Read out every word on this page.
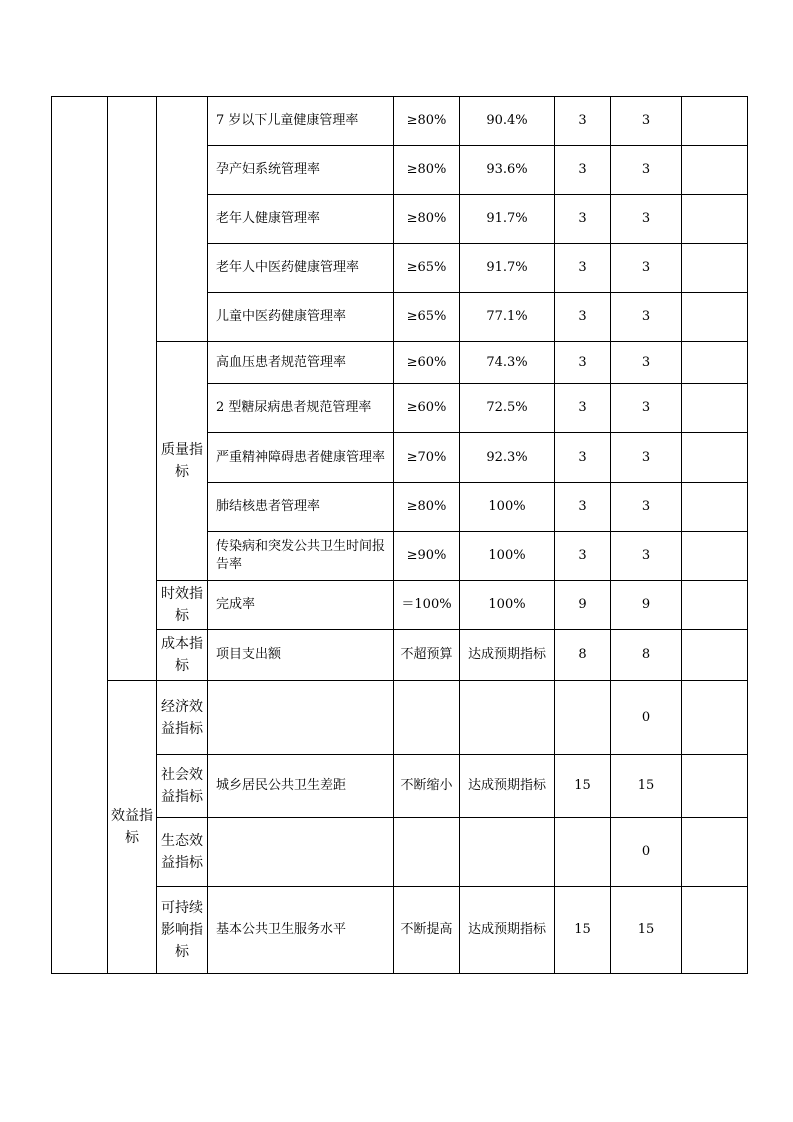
			7 岁以下儿童健康管理率	≥80%	90.4%	3	3	
			孕产妇系统管理率	≥80%	93.6%	3	3	
			老年人健康管理率	≥80%	91.7%	3	3	
			老年人中医药健康管理率	≥65%	91.7%	3	3	
			儿童中医药健康管理率	≥65%	77.1%	3	3	
		质量指标	高血压患者规范管理率	≥60%	74.3%	3	3	
			2 型糖尿病患者规范管理率	≥60%	72.5%	3	3	
			严重精神障碍患者健康管理率	≥70%	92.3%	3	3	
			肺结核患者管理率	≥80%	100%	3	3	
			传染病和突发公共卫生时间报告率	≥90%	100%	3	3	
		时效指标	完成率	＝100%	100%	9	9	
		成本指标	项目支出额	不超预算	达成预期指标	8	8	
	效益指标	经济效益指标					0	
		社会效益指标	城乡居民公共卫生差距	不断缩小	达成预期指标	15	15	
		生态效益指标					0	
		可持续影响指标	基本公共卫生服务水平	不断提高	达成预期指标	15	15	
